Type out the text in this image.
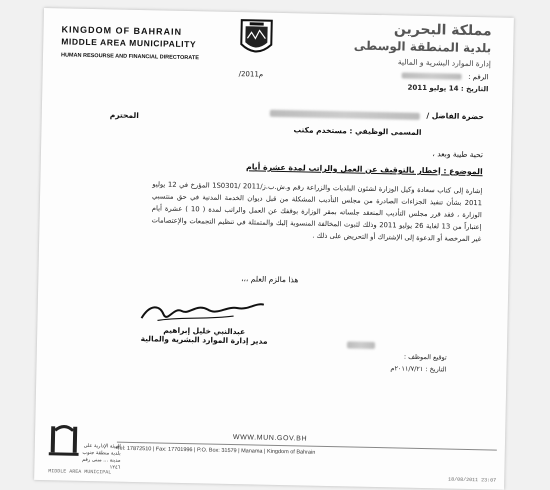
KINGDOM OF BAHRAIN
MIDDLE AREA MUNICIPALITY
HUMAN RESOURSE AND FINANCIAL DIRECTORATE
مملكة البحرين
بلدية المنطقة الوسطى
إدارة الموارد البشرية و المالية
الرقم :
/2011م
التاريخ : 14 يوليو 2011
حضرة الفاضل /
المحترم
المسمى الوظيفي : مستخدم مكتب
تحية طيبة وبعد ،
الموضوع : إخطار بالتوقيف عن العمل والراتب لمدة عشرة أيام
إشارة إلى كتاب سعادة وكيل الوزارة لشئون البلديات والزراعة رقم و.ش.ب.ز/1S0301/ 2011 المؤرخ في 12 يوليو 2011 بشأن تنفيذ الجزاءات الصادرة من مجلس التأديب المشكلة من قبل ديوان الخدمة المدنية في حق منتسبي الوزارة ، فقد قرر مجلس التأديب المنعقد جلساته بمقر الوزارة بوقفك عن العمل والراتب لمدة ( 10 ) عشرة أيام إعتباراً من 13 لغاية 26 يوليو 2011 وذلك لثبوت المخالفة المنسوبة إليك والمتمثلة في تنظيم التجمعات والإعتصامات غير المرخصة أو الدعوة إلى الإشتراك أو التحريض على ذلك .
هذا مالزم العلم ،،،
عبدالنبي خليل إبراهيم
مدير إدارة الموارد البشرية والمالية
توقيع الموظف :
التاريخ : ٢٠١١/٧/٢١م
WWW.MUN.GOV.BH
الهيئة الإدارية على بلدية منطقة جنوب مدينة ... مبنى رقم ١٢٤٦
Tel: 17872510 | Fax: 17701996 | P.O. Box: 31579 | Manama | Kingdom of Bahrain
MIDDLE AREA MUNICIPAL
18/08/2011 23:07
